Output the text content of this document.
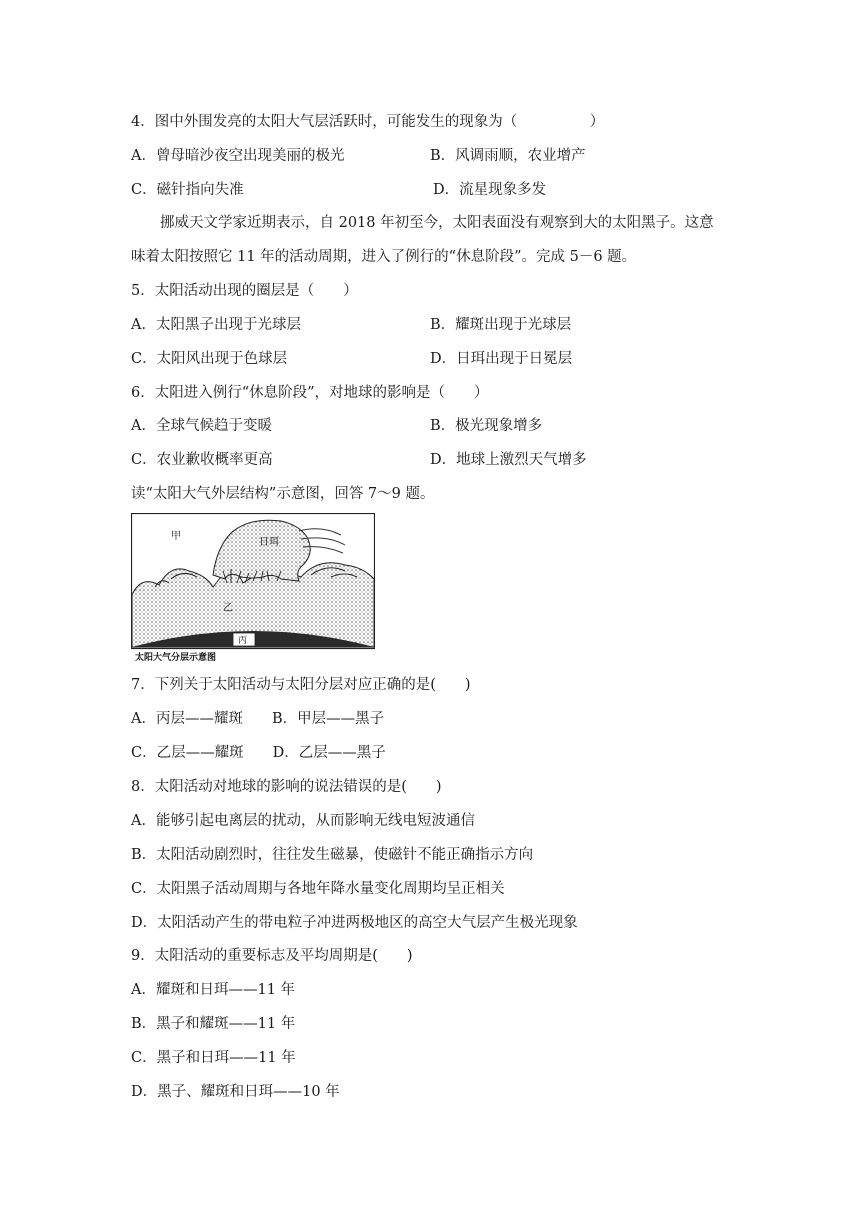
4．图中外围发亮的太阳大气层活跃时，可能发生的现象为（　　　　　）
A．曾母暗沙夜空出现美丽的极光	B．风调雨顺，农业增产
C．磁针指向失准	D．流星现象多发
挪威天文学家近期表示，自 2018 年初至今，太阳表面没有观察到大的太阳黑子。这意
味着太阳按照它 11 年的活动周期，进入了例行的“休息阶段”。完成 5－6 题。
5．太阳活动出现的圈层是（　　）
A．太阳黑子出现于光球层	B．耀斑出现于光球层
C．太阳风出现于色球层	D．日珥出现于日冕层
6．太阳进入例行“休息阶段”，对地球的影响是（　　）
A．全球气候趋于变暖	B．极光现象增多
C．农业歉收概率更高	D．地球上激烈天气增多
读“太阳大气外层结构”示意图，回答 7～9 题。
甲
日珥
乙
丙
太阳大气分层示意图
7．下列关于太阳活动与太阳分层对应正确的是(　　)
A．丙层——耀斑　　B．甲层——黑子
C．乙层——耀斑　　D．乙层——黑子
8．太阳活动对地球的影响的说法错误的是(　　)
A．能够引起电离层的扰动，从而影响无线电短波通信
B．太阳活动剧烈时，往往发生磁暴，使磁针不能正确指示方向
C．太阳黑子活动周期与各地年降水量变化周期均呈正相关
D．太阳活动产生的带电粒子冲进两极地区的高空大气层产生极光现象
9．太阳活动的重要标志及平均周期是(　　)
A．耀斑和日珥——11 年
B．黑子和耀斑——11 年
C．黑子和日珥——11 年
D．黑子、耀斑和日珥——10 年
